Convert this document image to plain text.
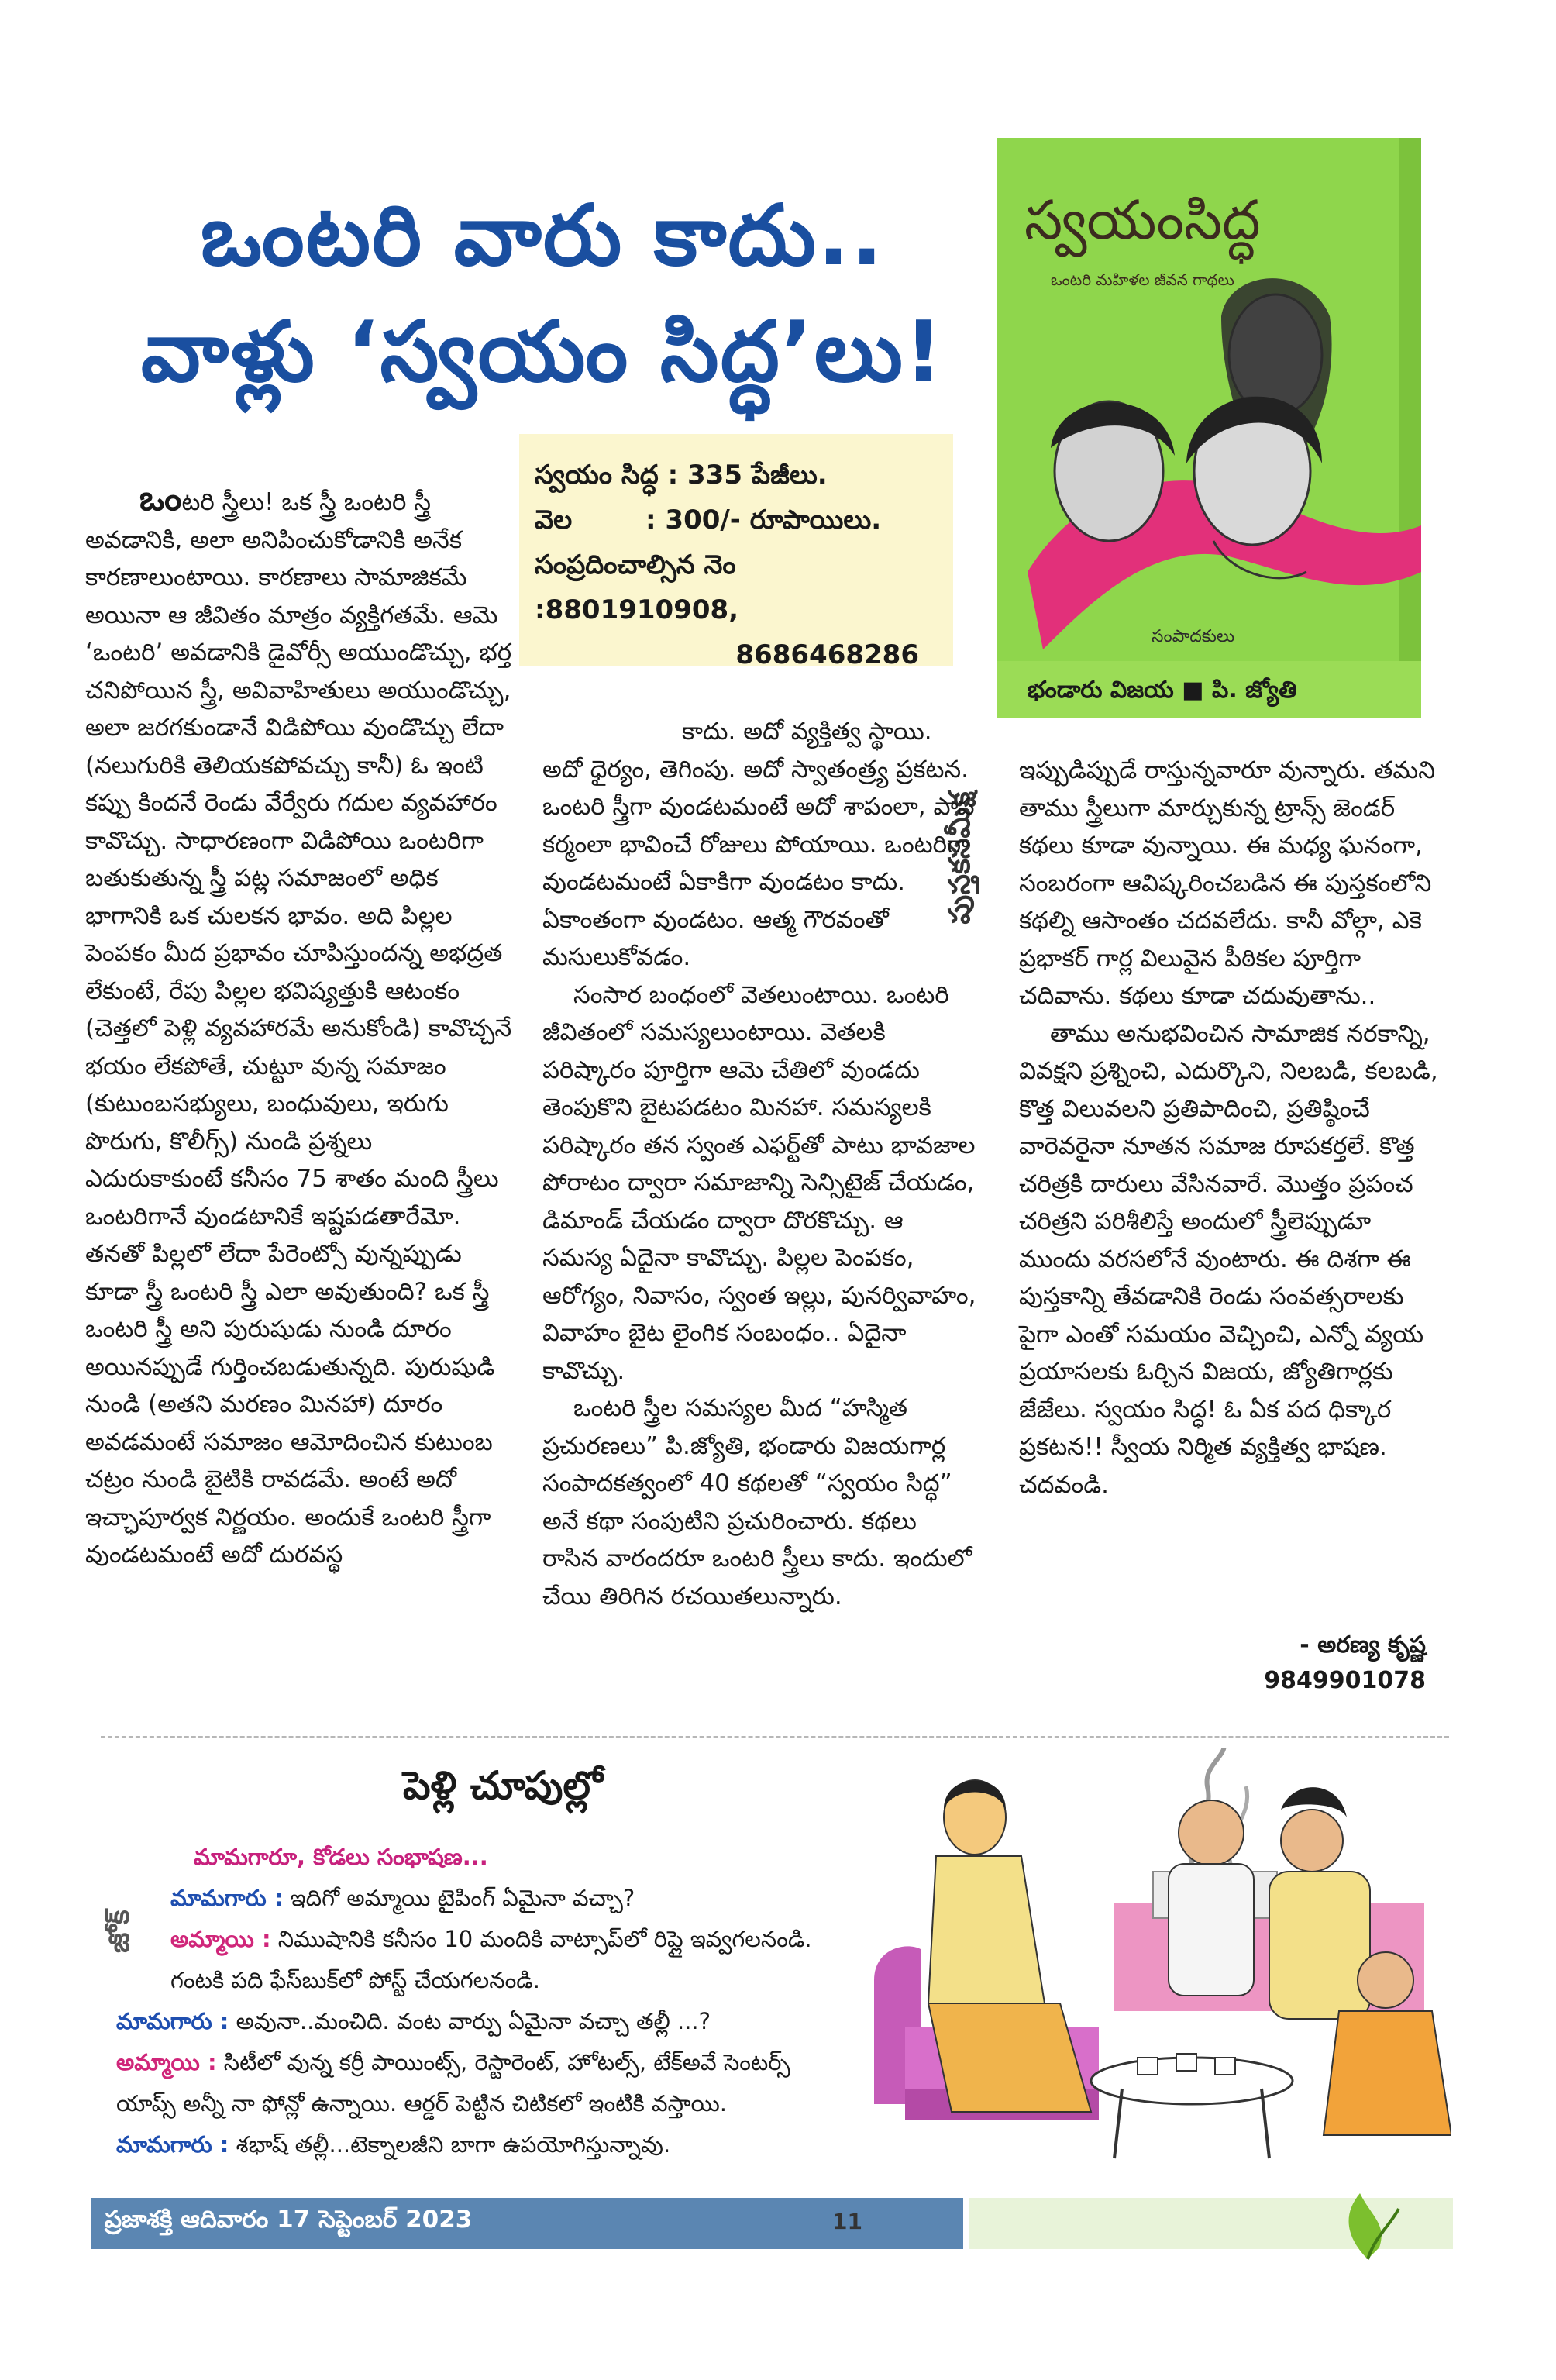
ఒంటరి వారు కాదు..
వాళ్లు ‘స్వయం సిద్ధ’లు!
స్వయం సిద్ధ : 335 పేజీలు.
వెల        : 300/- రూపాయిలు.
సంప్రదించాల్సిన నెం :8801910908,
8686468286
స్వయంసిద్ధ
ఒంటరి మహిళల జీవన గాథలు
సంపాదకులు
భండారు విజయ ■ పి. జ్యోతి
పుస్తకసమీక్ష

ఒంటరి స్త్రీలు! ఒక స్త్రీ ఒంటరి స్త్రీ అవడానికి, అలా అనిపించుకోడానికి అనేక కారణాలుంటాయి. కారణాలు సామాజికమే అయినా ఆ జీవితం మాత్రం వ్యక్తిగతమే. ఆమె ‘ఒంటరి’ అవడానికి డైవోర్సీ అయుండొచ్చు, భర్త చనిపోయిన స్త్రీ, అవివాహితులు అయుండొచ్చు, అలా జరగకుండానే విడిపోయి వుండొచ్చు లేదా (నలుగురికి తెలియకపోవచ్చు కానీ) ఓ ఇంటి కప్పు కిందనే రెండు వేర్వేరు గదుల వ్యవహారం కావొచ్చు. సాధారణంగా విడిపోయి ఒంటరిగా బతుకుతున్న స్త్రీ పట్ల సమాజంలో అధిక భాగానికి ఒక చులకన భావం. అది పిల్లల పెంపకం మీద ప్రభావం చూపిస్తుందన్న అభద్రత లేకుంటే, రేపు పిల్లల భవిష్యత్తుకి ఆటంకం (చెత్తలో పెళ్లి వ్యవహారమే అనుకోండి) కావొచ్చనే భయం లేకపోతే, చుట్టూ వున్న సమాజం (కుటుంబసభ్యులు, బంధువులు, ఇరుగు పొరుగు, కొలీగ్స్) నుండి ప్రశ్నలు ఎదురుకాకుంటే కనీసం 75 శాతం మంది స్త్రీలు ఒంటరిగానే వుండటానికే ఇష్టపడతారేమో. తనతో పిల్లలో లేదా పేరెంట్సో వున్నప్పుడు కూడా స్త్రీ ఒంటరి స్త్రీ ఎలా అవుతుంది? ఒక స్త్రీ ఒంటరి స్త్రీ అని పురుషుడు నుండి దూరం అయినప్పుడే గుర్తించబడుతున్నది. పురుషుడి నుండి (అతని మరణం మినహా) దూరం అవడమంటే సమాజం ఆమోదించిన కుటుంబ చట్రం నుండి బైటికి రావడమే. అంటే అదో ఇచ్ఛాపూర్వక నిర్ణయం. అందుకే ఒంటరి స్త్రీగా వుండటమంటే అదో దురవస్థ

కాదు. అదో వ్యక్తిత్వ స్థాయి. అదో ధైర్యం, తెగింపు. అదో స్వాతంత్ర్య ప్రకటన. ఒంటరి స్త్రీగా వుండటమంటే అదో శాపంలా, పాప కర్మంలా భావించే రోజులు పోయాయి. ఒంటరిగా వుండటమంటే ఏకాకిగా వుండటం కాదు. ఏకాంతంగా వుండటం. ఆత్మ గౌరవంతో మసులుకోవడం.

సంసార బంధంలో వెతలుంటాయి. ఒంటరి జీవితంలో సమస్యలుంటాయి. వెతలకి పరిష్కారం పూర్తిగా ఆమె చేతిలో వుండదు తెంపుకొని బైటపడటం మినహా. సమస్యలకి పరిష్కారం తన స్వంత ఎఫర్ట్‌తో పాటు భావజాల పోరాటం ద్వారా సమాజాన్ని సెన్సిటైజ్ చేయడం, డిమాండ్ చేయడం ద్వారా దొరకొచ్చు. ఆ సమస్య ఏదైనా కావొచ్చు. పిల్లల పెంపకం, ఆరోగ్యం, నివాసం, స్వంత ఇల్లు, పునర్వివాహం, వివాహం బైట లైంగిక సంబంధం.. ఏదైనా కావొచ్చు.

ఒంటరి స్త్రీల సమస్యల మీద “హస్మిత ప్రచురణలు” పి.జ్యోతి, భండారు విజయగార్ల సంపాదకత్వంలో 40 కథలతో “స్వయం సిద్ధ” అనే కథా సంపుటిని ప్రచురించారు. కథలు రాసిన వారందరూ ఒంటరి స్త్రీలు కాదు. ఇందులో చేయి తిరిగిన రచయితలున్నారు.

ఇప్పుడిప్పుడే రాస్తున్నవారూ వున్నారు. తమని తాము స్త్రీలుగా మార్చుకున్న ట్రాన్స్ జెండర్ కథలు కూడా వున్నాయి. ఈ మధ్య ఘనంగా, సంబరంగా ఆవిష్కరించబడిన ఈ పుస్తకంలోని కథల్ని ఆసాంతం చదవలేదు. కానీ వోల్గా, ఎకె ప్రభాకర్ గార్ల విలువైన పీఠికల పూర్తిగా చదివాను. కథలు కూడా చదువుతాను..

తాము అనుభవించిన సామాజిక నరకాన్ని, వివక్షని ప్రశ్నించి, ఎదుర్కొని, నిలబడి, కలబడి, కొత్త విలువలని ప్రతిపాదించి, ప్రతిష్ఠించే వారెవరైనా నూతన సమాజ రూపకర్తలే. కొత్త చరిత్రకి దారులు వేసినవారే. మొత్తం ప్రపంచ చరిత్రని పరిశీలిస్తే అందులో స్త్రీలెప్పుడూ ముందు వరసలోనే వుంటారు. ఈ దిశగా ఈ పుస్తకాన్ని తేవడానికి రెండు సంవత్సరాలకు పైగా ఎంతో సమయం వెచ్చించి, ఎన్నో వ్యయ ప్రయాసలకు ఓర్చిన విజయ, జ్యోతిగార్లకు జేజేలు. స్వయం సిద్ధ! ఓ ఏక పద ధిక్కార ప్రకటన!! స్వీయ నిర్మిత వ్యక్తిత్వ భాషణ. చదవండి.

- అరణ్య కృష్ణ
9849901078
పెళ్లి చూపుల్లో
జోక్
మామగారూ, కోడలు సంభాషణ...
మామగారు : ఇదిగో అమ్మాయి టైపింగ్ ఏమైనా వచ్చా?
అమ్మాయి : నిముషానికి కనీసం 10 మందికి వాట్సాప్‌లో రిప్లై ఇవ్వగలనండి. గంటకి పది ఫేస్‌బుక్‌లో పోస్ట్ చేయగలనండి.
మామగారు : అవునా..మంచిది. వంట వార్పు ఏమైనా వచ్చా తల్లీ ...?
అమ్మాయి : సిటీలో వున్న కర్రీ పాయింట్స్, రెస్టారెంట్, హోటల్స్, టేక్‌అవే సెంటర్స్ యాప్స్ అన్నీ నా ఫోన్లో ఉన్నాయి. ఆర్డర్ పెట్టిన చిటికలో ఇంటికి వస్తాయి.
మామగారు : శభాష్ తల్లీ...టెక్నాలజీని బాగా ఉపయోగిస్తున్నావు.
ప్రజాశక్తి ఆదివారం 17 సెప్టెంబర్ 2023	11
